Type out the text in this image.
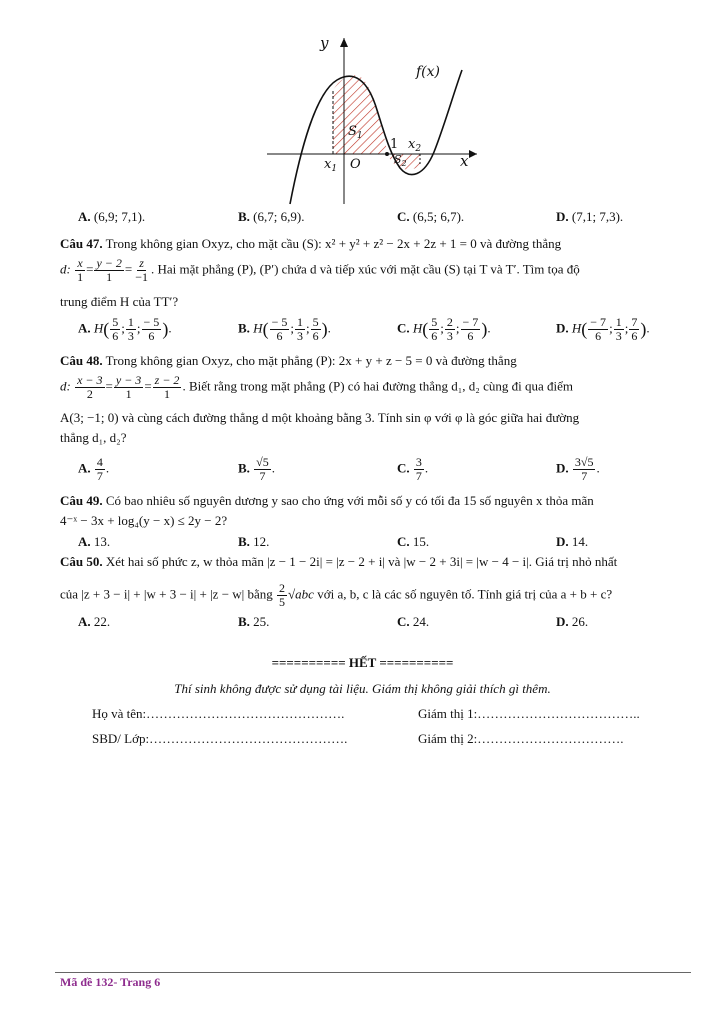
y
x
f(x)
$S_1$
$S_2$
1 $x_2$
$x_1$ O
A. (6,9; 7,1).	B. (6,7; 6,9).	C. (6,5; 6,7).	D. (7,1; 7,3).
Câu 47. Trong không gian Oxyz, cho mặt cầu (S): x² + y² + z² − 2x + 2z + 1 = 0 và đường thẳng
d: $\frac{x}{1} = \frac{y - 2}{1} = \frac{z}{-1}$ . Hai mặt phẳng (P), (P′) chứa d và tiếp xúc với mặt cầu (S) tại T và T′. Tìm tọa độ
trung điểm H của TT′?
A. $H( \frac{5}{6}$ ; $\frac{1}{3}$ ; $\frac{- 5}{6}$ ).	B. $H( \frac{- 5}{6}$ ; $\frac{1}{3}$ ; $\frac{5}{6}$ ).	C. $H( \frac{5}{6}$ ; $\frac{2}{3}$ ; $\frac{- 7}{6}$ ).	D. $H( \frac{- 7}{6}$ ; $\frac{1}{3}$ ; $\frac{7}{6}$ ).
Câu 48. Trong không gian Oxyz, cho mặt phẳng (P): 2x + y + z − 5 = 0 và đường thẳng
d: $\frac{x - 3}{2} = \frac{y - 3}{1} = \frac{z - 2}{1}$ . Biết rằng trong mặt phẳng (P) có hai đường thẳng d₁, d₂ cùng đi qua điểm
A(3; −1; 0) và cùng cách đường thẳng d một khoảng bằng 3. Tính sin φ với φ là góc giữa hai đường
thẳng d₁, d₂?
A. $\frac{4}{7}$ .	B. $\frac{√5}{7}$ .	C. $\frac{3}{7}$ .	D. $\frac{3√5}{7}$ .
Câu 49. Có bao nhiêu số nguyên dương y sao cho ứng với mỗi số y có tối đa 15 số nguyên x thỏa mãn
4⁻ˣ − 3x + log₄(y − x) ≤ 2y − 2?
A. 13.	B. 12.	C. 15.	D. 14.
Câu 50. Xét hai số phức z, w thỏa mãn |z − 1 − 2i| = |z − 2 + i| và |w − 2 + 3i| = |w − 4 − i|. Giá trị nhỏ nhất
của |z + 3 − i| + |w + 3 − i| + |z − w| bằng $\frac{2}{5} √abc$ với a, b, c là các số nguyên tố. Tính giá trị của a + b + c?
A. 22.	B. 25.	C. 24.	D. 26.
========== HẾT ==========
Thí sinh không được sử dụng tài liệu. Giám thị không giải thích gì thêm.
Họ và tên:……………………………………….
SBD/ Lớp:……………………………………….
Giám thị 1:………………………………..
Giám thị 2:…………………………….
Mã đề 132- Trang 6
